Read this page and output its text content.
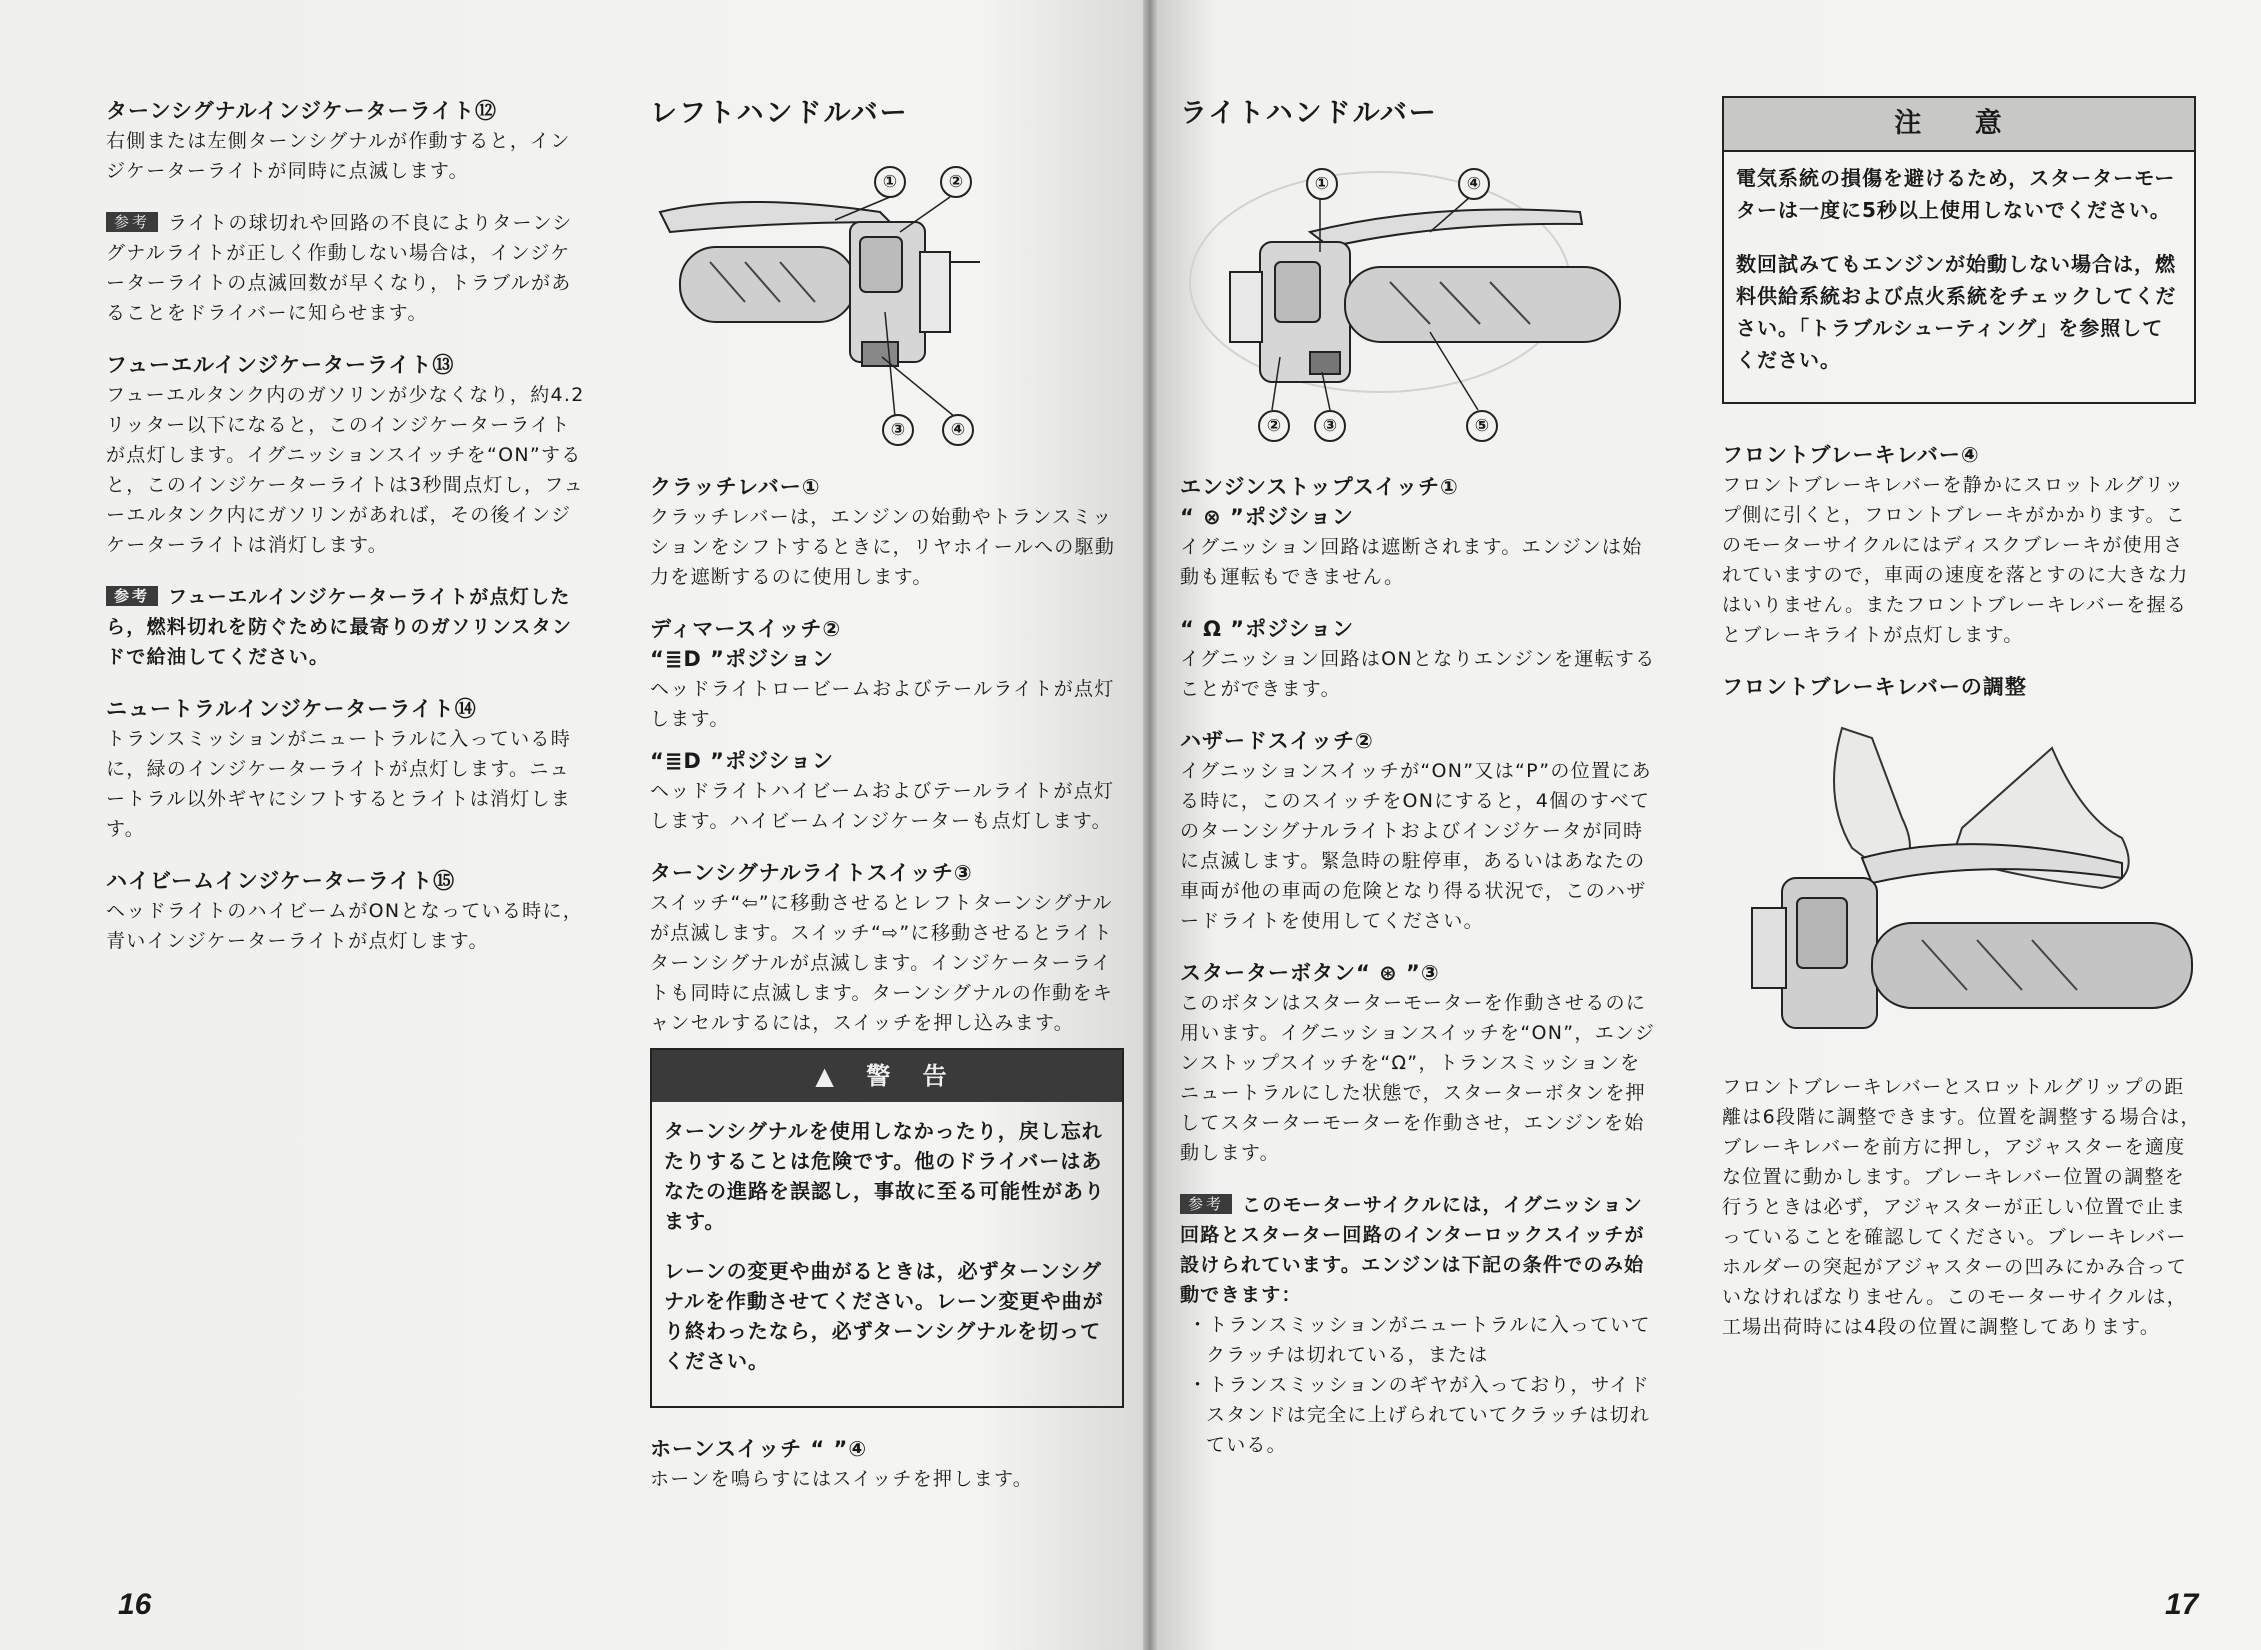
ターンシグナルインジケーターライト⑫

右側または左側ターンシグナルが作動すると，インジケーターライトが同時に点滅します。

参考 ライトの球切れや回路の不良によりターンシグナルライトが正しく作動しない場合は，インジケーターライトの点滅回数が早くなり，トラブルがあることをドライバーに知らせます。

フューエルインジケーターライト⑬

フューエルタンク内のガソリンが少なくなり，約4.2リッター以下になると，このインジケーターライトが点灯します。イグニッションスイッチを“ON”すると，このインジケーターライトは3秒間点灯し，フューエルタンク内にガソリンがあれば，その後インジケーターライトは消灯します。

参考 フューエルインジケーターライトが点灯したら，燃料切れを防ぐために最寄りのガソリンスタンドで給油してください。

ニュートラルインジケーターライト⑭

トランスミッションがニュートラルに入っている時に，緑のインジケーターライトが点灯します。ニュートラル以外ギヤにシフトするとライトは消灯します。

ハイビームインジケーターライト⑮

ヘッドライトのハイビームがONとなっている時に，青いインジケーターライトが点灯します。

レフトハンドルバー

①	②
③	④

クラッチレバー①

クラッチレバーは，エンジンの始動やトランスミッションをシフトするときに，リヤホイールへの駆動力を遮断するのに使用します。

ディマースイッチ②

“≣D ”ポジション

ヘッドライトロービームおよびテールライトが点灯します。

“≣D ”ポジション

ヘッドライトハイビームおよびテールライトが点灯します。ハイビームインジケーターも点灯します。

ターンシグナルライトスイッチ③

スイッチ“⇦”に移動させるとレフトターンシグナルが点滅します。スイッチ“⇨”に移動させるとライトターンシグナルが点滅します。インジケーターライトも同時に点滅します。ターンシグナルの作動をキャンセルするには，スイッチを押し込みます。

▲ 警 告

ターンシグナルを使用しなかったり，戻し忘れたりすることは危険です。他のドライバーはあなたの進路を誤認し，事故に至る可能性があります。

レーンの変更や曲がるときは，必ずターンシグナルを作動させてください。レーン変更や曲がり終わったなら，必ずターンシグナルを切ってください。

ホーンスイッチ “ ”④

ホーンを鳴らすにはスイッチを押します。

ライトハンドルバー

①	④
②	③	⑤

エンジンストップスイッチ①

“ ⊗ ”ポジション

イグニッション回路は遮断されます。エンジンは始動も運転もできません。

“ Ω ”ポジション

イグニッション回路はONとなりエンジンを運転することができます。

ハザードスイッチ②

イグニッションスイッチが“ON”又は“P”の位置にある時に，このスイッチをONにすると，4個のすべてのターンシグナルライトおよびインジケータが同時に点滅します。緊急時の駐停車，あるいはあなたの車両が他の車両の危険となり得る状況で，このハザードライトを使用してください。

スターターボタン“ ⊛ ”③

このボタンはスターターモーターを作動させるのに用います。イグニッションスイッチを“ON”，エンジンストップスイッチを“Ω”，トランスミッションをニュートラルにした状態で，スターターボタンを押してスターターモーターを作動させ，エンジンを始動します。

参考 このモーターサイクルには，イグニッション回路とスターター回路のインターロックスイッチが設けられています。エンジンは下記の条件でのみ始動できます：

・トランスミッションがニュートラルに入っていてクラッチは切れている，または

・トランスミッションのギヤが入っており，サイドスタンドは完全に上げられていてクラッチは切れている。

注 意

電気系統の損傷を避けるため，スターターモーターは一度に5秒以上使用しないでください。

数回試みてもエンジンが始動しない場合は，燃料供給系統および点火系統をチェックしてください。「トラブルシューティング」を参照してください。

フロントブレーキレバー④

フロントブレーキレバーを静かにスロットルグリップ側に引くと，フロントブレーキがかかります。このモーターサイクルにはディスクブレーキが使用されていますので，車両の速度を落とすのに大きな力はいりません。またフロントブレーキレバーを握るとブレーキライトが点灯します。

フロントブレーキレバーの調整

フロントブレーキレバーとスロットルグリップの距離は6段階に調整できます。位置を調整する場合は，ブレーキレバーを前方に押し，アジャスターを適度な位置に動かします。ブレーキレバー位置の調整を行うときは必ず，アジャスターが正しい位置で止まっていることを確認してください。ブレーキレバーホルダーの突起がアジャスターの凹みにかみ合っていなければなりません。このモーターサイクルは，工場出荷時には4段の位置に調整してあります。

16	17
